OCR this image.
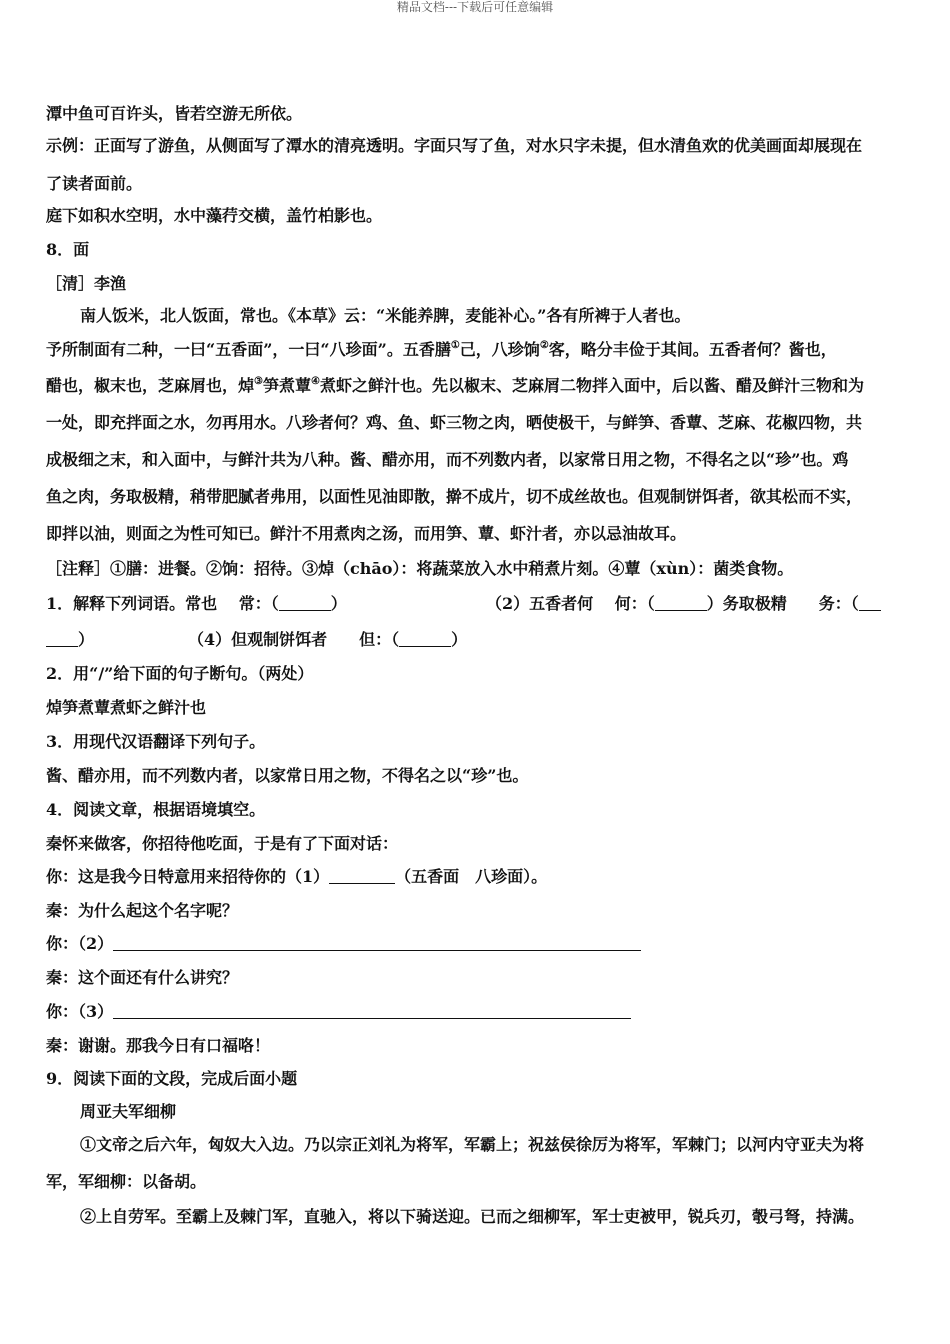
精品文档---下载后可任意编辑
潭中鱼可百许头，皆若空游无所依。
示例：正面写了游鱼，从侧面写了潭水的清亮透明。字面只写了鱼，对水只字未提，但水清鱼欢的优美画面却展现在
了读者面前。
庭下如积水空明，水中藻荇交横，盖竹柏影也。
8．面
［清］李渔
南人饭米，北人饭面，常也。《本草》云：“米能养脾，麦能补心。”各有所裨于人者也。
予所制面有二种，一曰“五香面”，一曰“八珍面”。五香膳①己，八珍饷②客，略分丰俭于其间。五香者何？酱也，
醋也，椒末也，芝麻屑也，焯③笋煮蕈④煮虾之鲜汁也。先以椒末、芝麻屑二物拌入面中，后以酱、醋及鲜汁三物和为
一处，即充拌面之水，勿再用水。八珍者何？鸡、鱼、虾三物之肉，晒使极干，与鲜笋、香蕈、芝麻、花椒四物，共
成极细之末，和入面中，与鲜汁共为八种。酱、醋亦用，而不列数内者，以家常日用之物，不得名之以“珍”也。鸡
鱼之肉，务取极精，稍带肥腻者弗用，以面性见油即散，擀不成片，切不成丝故也。但观制饼饵者，欲其松而不实，
即拌以油，则面之为性可知已。鲜汁不用煮肉之汤，而用笋、蕈、虾汁者，亦以忌油故耳。
［注释］①膳：进餐。②饷：招待。③焯（chāo）：将蔬菜放入水中稍煮片刻。④蕈（xùn）：菌类食物。
1．解释下列词语。常也　 常：（	）	（2）五香者何　 何：（	）务取极精　　务：（
）	（4）但观制饼饵者　　但：（	）
2．用“/”给下面的句子断句。（两处）
焯笋煮蕈煮虾之鲜汁也
3．用现代汉语翻译下列句子。
酱、醋亦用，而不列数内者，以家常日用之物，不得名之以“珍”也。
4．阅读文章，根据语境填空。
秦怀来做客，你招待他吃面，于是有了下面对话：
你：这是我今日特意用来招待你的（1）	（五香面　八珍面）。
秦：为什么起这个名字呢？
你：（2）
秦：这个面还有什么讲究？
你：（3）
秦：谢谢。那我今日有口福咯！
9．阅读下面的文段，完成后面小题
周亚夫军细柳
①文帝之后六年，匈奴大入边。乃以宗正刘礼为将军，军霸上；祝兹侯徐厉为将军，军棘门；以河内守亚夫为将
军，军细柳：以备胡。
②上自劳军。至霸上及棘门军，直驰入，将以下骑送迎。已而之细柳军，军士吏被甲，锐兵刃，彀弓弩，持满。
